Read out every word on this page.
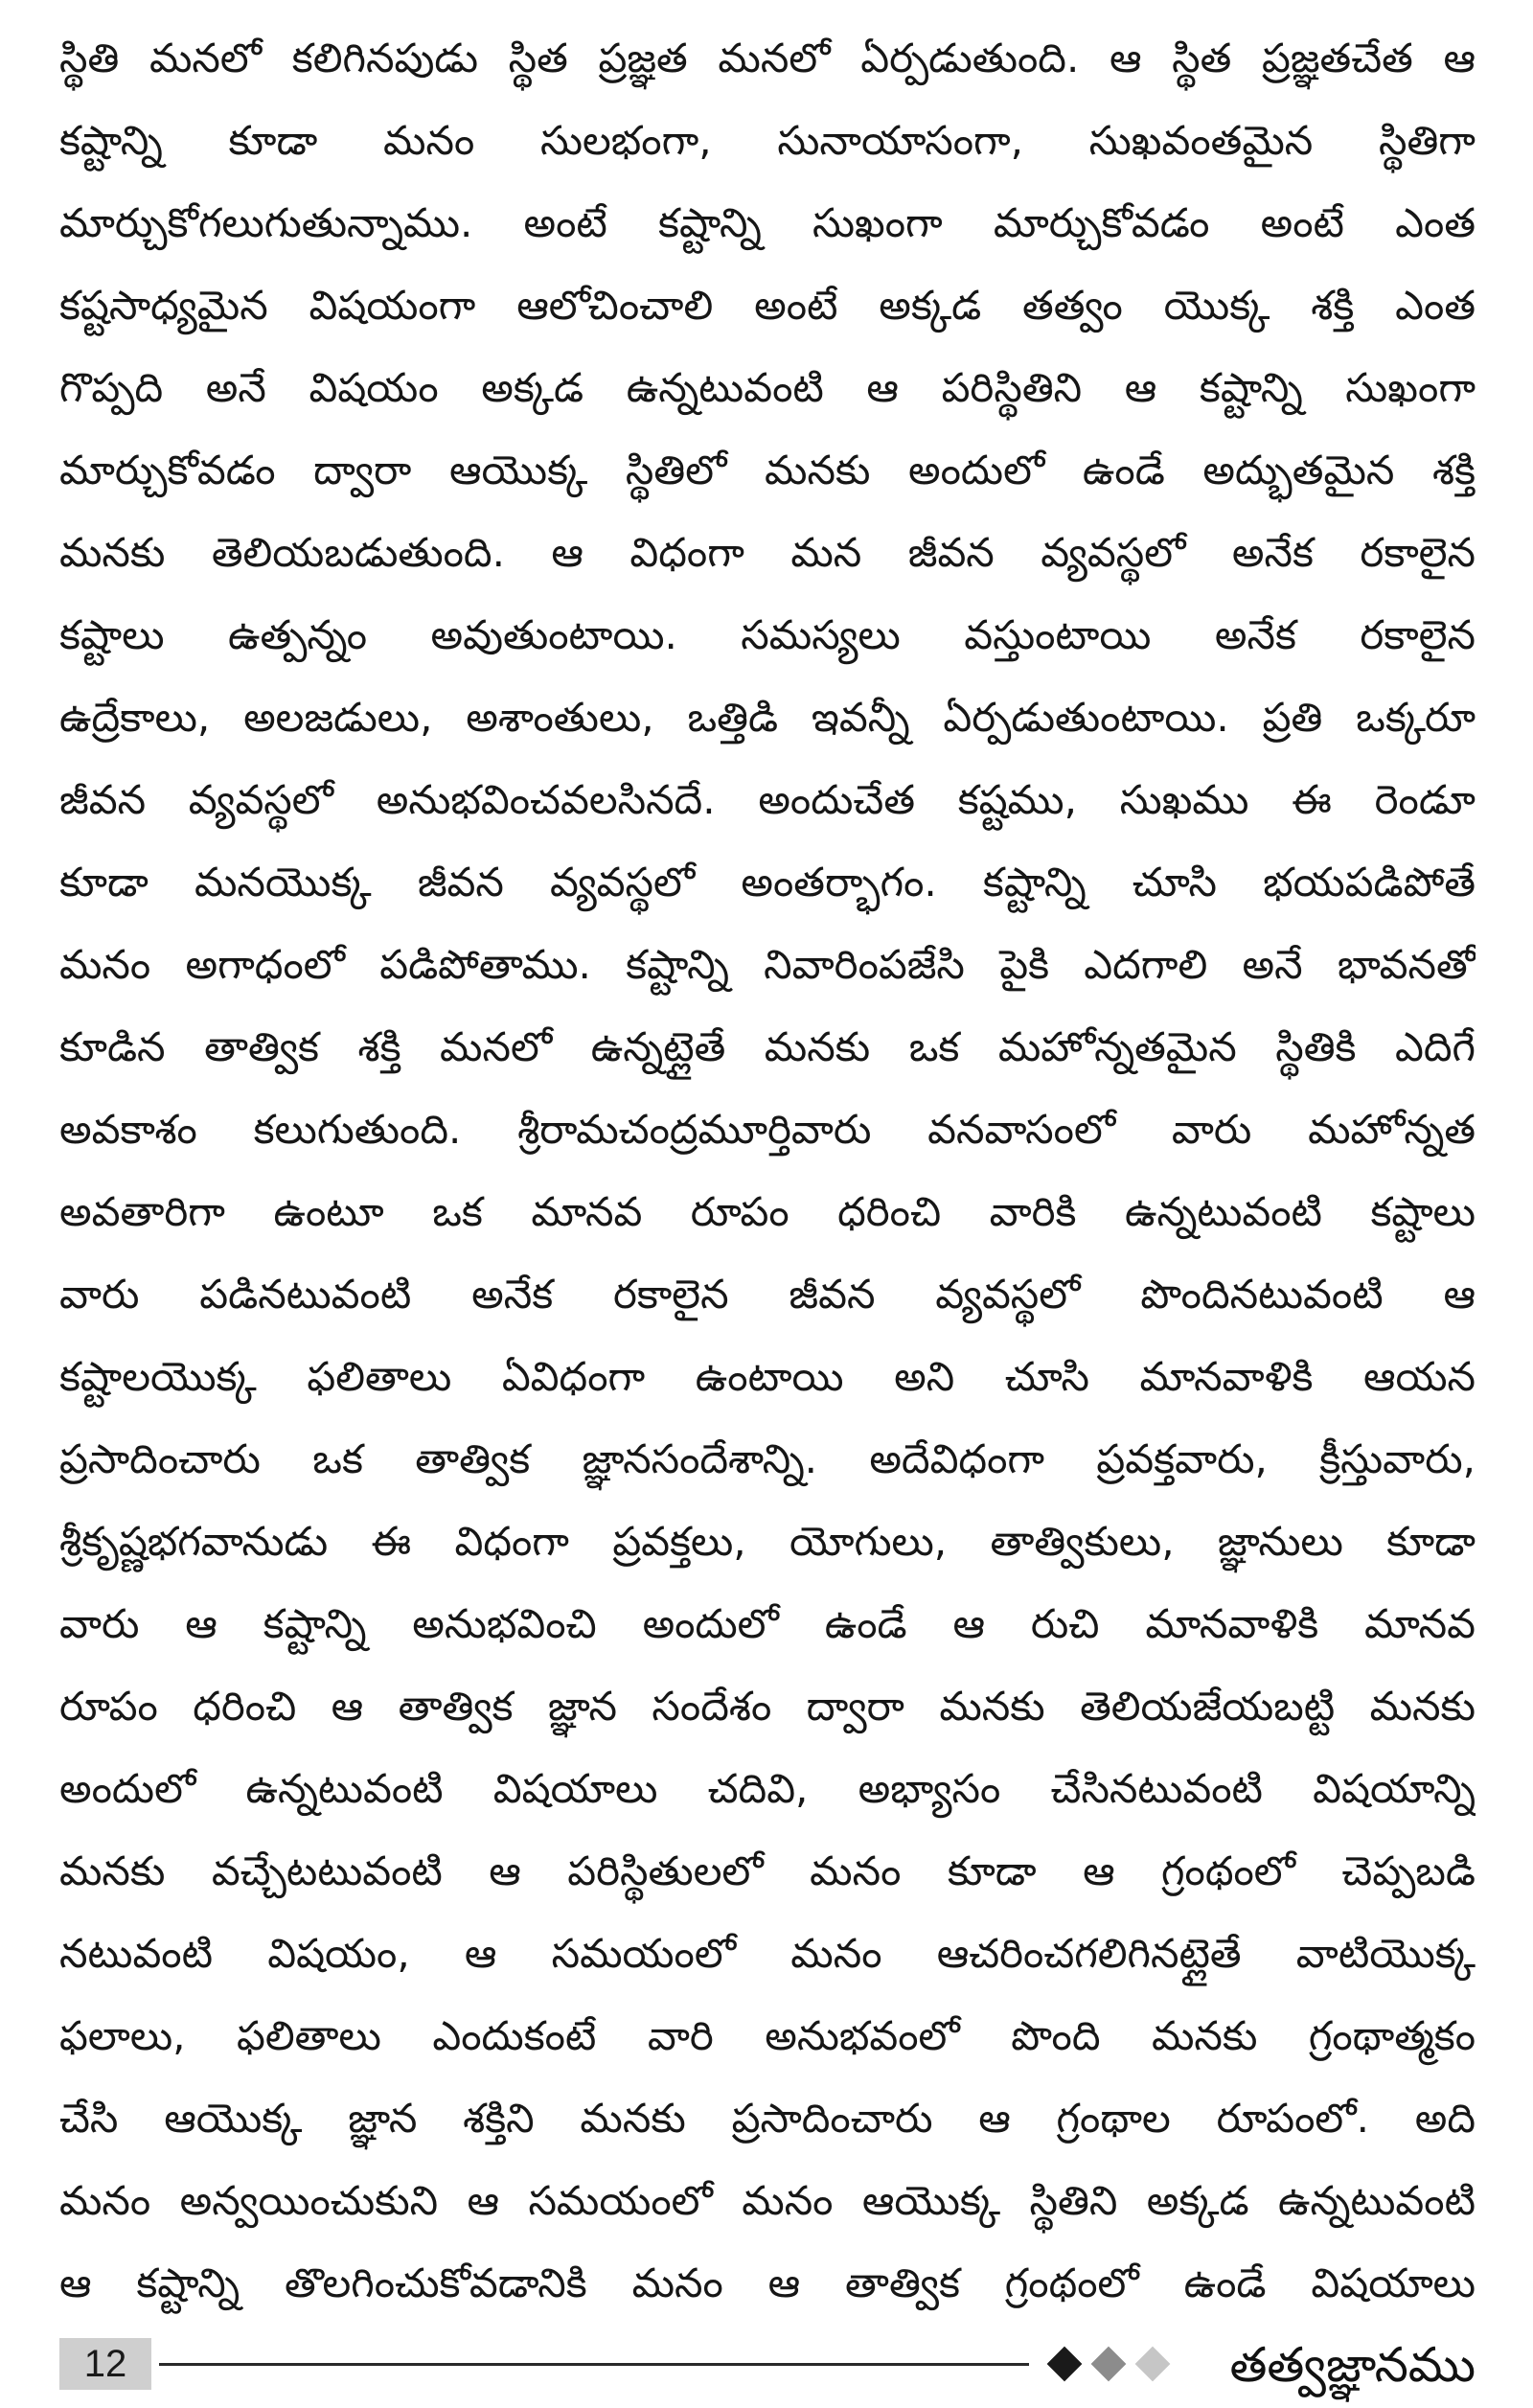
స్థితి మనలో కలిగినపుడు స్థిత ప్రజ్ఞత మనలో ఏర్పడుతుంది. ఆ స్థిత ప్రజ్ఞతచేత ఆ
కష్టాన్ని కూడా మనం సులభంగా, సునాయాసంగా, సుఖవంతమైన స్థితిగా
మార్చుకోగలుగుతున్నాము. అంటే కష్టాన్ని సుఖంగా మార్చుకోవడం అంటే ఎంత
కష్టసాధ్యమైన విషయంగా ఆలోచించాలి అంటే అక్కడ తత్వం యొక్క శక్తి ఎంత
గొప్పది అనే విషయం అక్కడ ఉన్నటువంటి ఆ పరిస్థితిని ఆ కష్టాన్ని సుఖంగా
మార్చుకోవడం ద్వారా ఆయొక్క స్థితిలో మనకు అందులో ఉండే అద్భుతమైన శక్తి
మనకు తెలియబడుతుంది. ఆ విధంగా మన జీవన వ్యవస్థలో అనేక రకాలైన
కష్టాలు ఉత్పన్నం అవుతుంటాయి. సమస్యలు వస్తుంటాయి అనేక రకాలైన
ఉద్రేకాలు, అలజడులు, అశాంతులు, ఒత్తిడి ఇవన్నీ ఏర్పడుతుంటాయి. ప్రతి ఒక్కరూ
జీవన వ్యవస్థలో అనుభవించవలసినదే. అందుచేత కష్టము, సుఖము ఈ రెండూ
కూడా మనయొక్క జీవన వ్యవస్థలో అంతర్భాగం. కష్టాన్ని చూసి భయపడిపోతే
మనం అగాధంలో పడిపోతాము. కష్టాన్ని నివారింపజేసి పైకి ఎదగాలి అనే భావనతో
కూడిన తాత్విక శక్తి మనలో ఉన్నట్లైతే మనకు ఒక మహోన్నతమైన స్థితికి ఎదిగే
అవకాశం కలుగుతుంది. శ్రీరామచంద్రమూర్తివారు వనవాసంలో వారు మహోన్నత
అవతారిగా ఉంటూ ఒక మానవ రూపం ధరించి వారికి ఉన్నటువంటి కష్టాలు
వారు పడినటువంటి అనేక రకాలైన జీవన వ్యవస్థలో పొందినటువంటి ఆ
కష్టాలయొక్క ఫలితాలు ఏవిధంగా ఉంటాయి అని చూసి మానవాళికి ఆయన
ప్రసాదించారు ఒక తాత్విక జ్ఞానసందేశాన్ని. అదేవిధంగా ప్రవక్తవారు, క్రీస్తువారు,
శ్రీకృష్ణభగవానుడు ఈ విధంగా ప్రవక్తలు, యోగులు, తాత్వికులు, జ్ఞానులు కూడా
వారు ఆ కష్టాన్ని అనుభవించి అందులో ఉండే ఆ రుచి మానవాళికి మానవ
రూపం ధరించి ఆ తాత్విక జ్ఞాన సందేశం ద్వారా మనకు తెలియజేయబట్టి మనకు
అందులో ఉన్నటువంటి విషయాలు చదివి, అభ్యాసం చేసినటువంటి విషయాన్ని
మనకు వచ్చేటటువంటి ఆ పరిస్థితులలో మనం కూడా ఆ గ్రంథంలో చెప్పబడి
నటువంటి విషయం, ఆ సమయంలో మనం ఆచరించగలిగినట్లైతే వాటియొక్క
ఫలాలు, ఫలితాలు ఎందుకంటే వారి అనుభవంలో పొంది మనకు గ్రంథాత్మకం
చేసి ఆయొక్క జ్ఞాన శక్తిని మనకు ప్రసాదించారు ఆ గ్రంథాల రూపంలో. అది
మనం అన్వయించుకుని ఆ సమయంలో మనం ఆయొక్క స్థితిని అక్కడ ఉన్నటువంటి
ఆ కష్టాన్ని తొలగించుకోవడానికి మనం ఆ తాత్విక గ్రంథంలో ఉండే విషయాలు
12	తత్వజ్ఞానము
